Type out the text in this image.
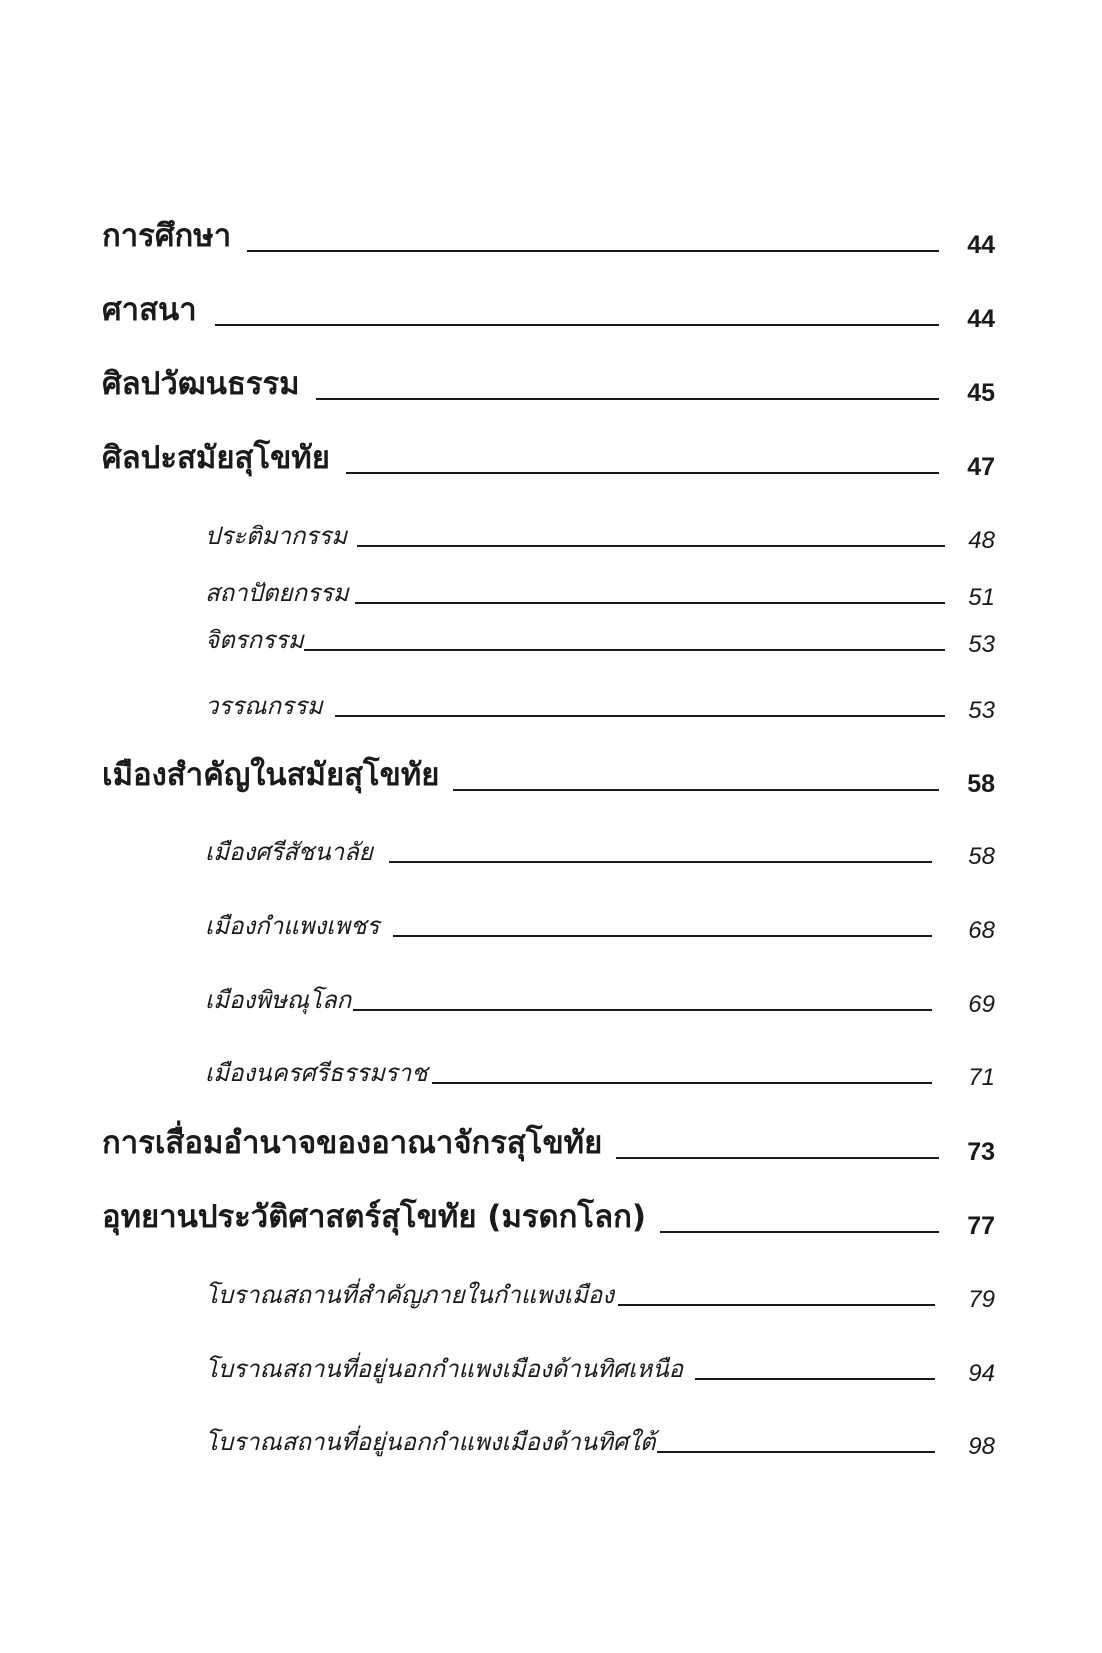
การศึกษา	44
ศาสนา	44
ศิลปวัฒนธรรม	45
ศิลปะสมัยสุโขทัย	47
ประติมากรรม	48
สถาปัตยกรรม	51
จิตรกรรม	53
วรรณกรรม	53
เมืองสำคัญในสมัยสุโขทัย	58
เมืองศรีสัชนาลัย	58
เมืองกำแพงเพชร	68
เมืองพิษณุโลก	69
เมืองนครศรีธรรมราช	71
การเสื่อมอำนาจของอาณาจักรสุโขทัย	73
อุทยานประวัติศาสตร์สุโขทัย (มรดกโลก)	77
โบราณสถานที่สำคัญภายในกำแพงเมือง	79
โบราณสถานที่อยู่นอกกำแพงเมืองด้านทิศเหนือ	94
โบราณสถานที่อยู่นอกกำแพงเมืองด้านทิศใต้	98
